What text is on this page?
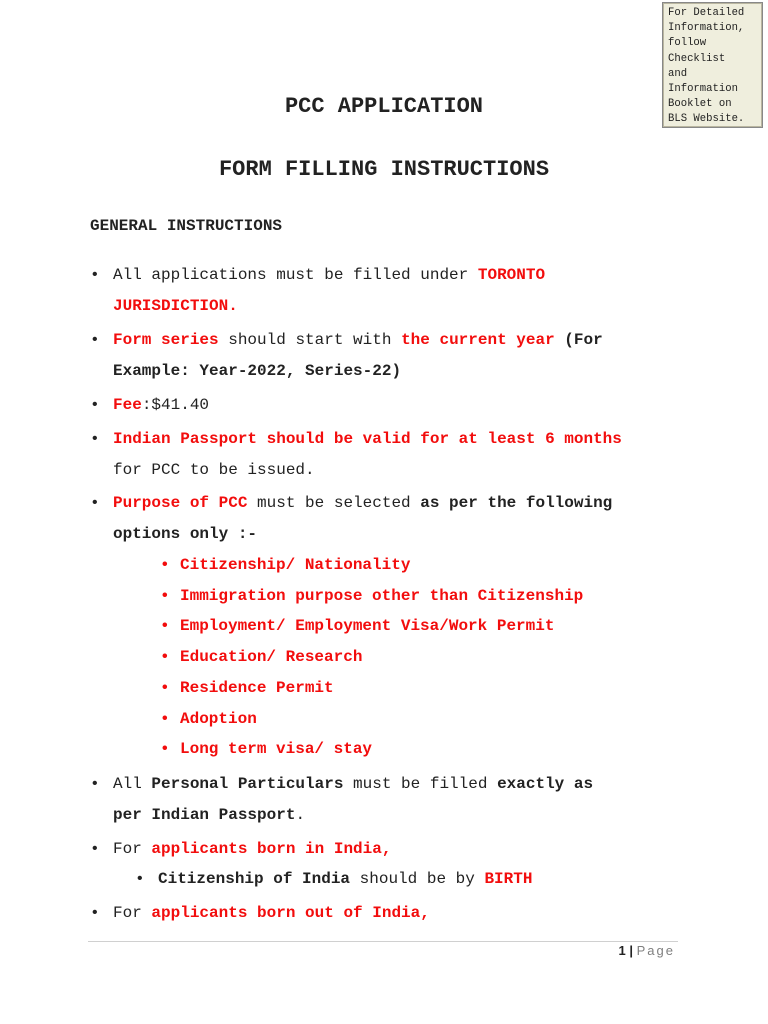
For Detailed
Information,
follow
Checklist
and
Information
Booklet on
BLS Website.
PCC APPLICATION
FORM FILLING INSTRUCTIONS
GENERAL INSTRUCTIONS
• All applications must be filled under TORONTO
JURISDICTION.
• Form series should start with the current year (For
Example: Year-2022, Series-22)
• Fee:$41.40
• Indian Passport should be valid for at least 6 months
for PCC to be issued.
• Purpose of PCC must be selected as per the following
options only :-
• Citizenship/ Nationality
• Immigration purpose other than Citizenship
• Employment/ Employment Visa/Work Permit
• Education/ Research
• Residence Permit
• Adoption
• Long term visa/ stay
• All Personal Particulars must be filled exactly as
per Indian Passport.
• For applicants born in India,
• Citizenship of India should be by BIRTH
• For applicants born out of India,
1 | Page
